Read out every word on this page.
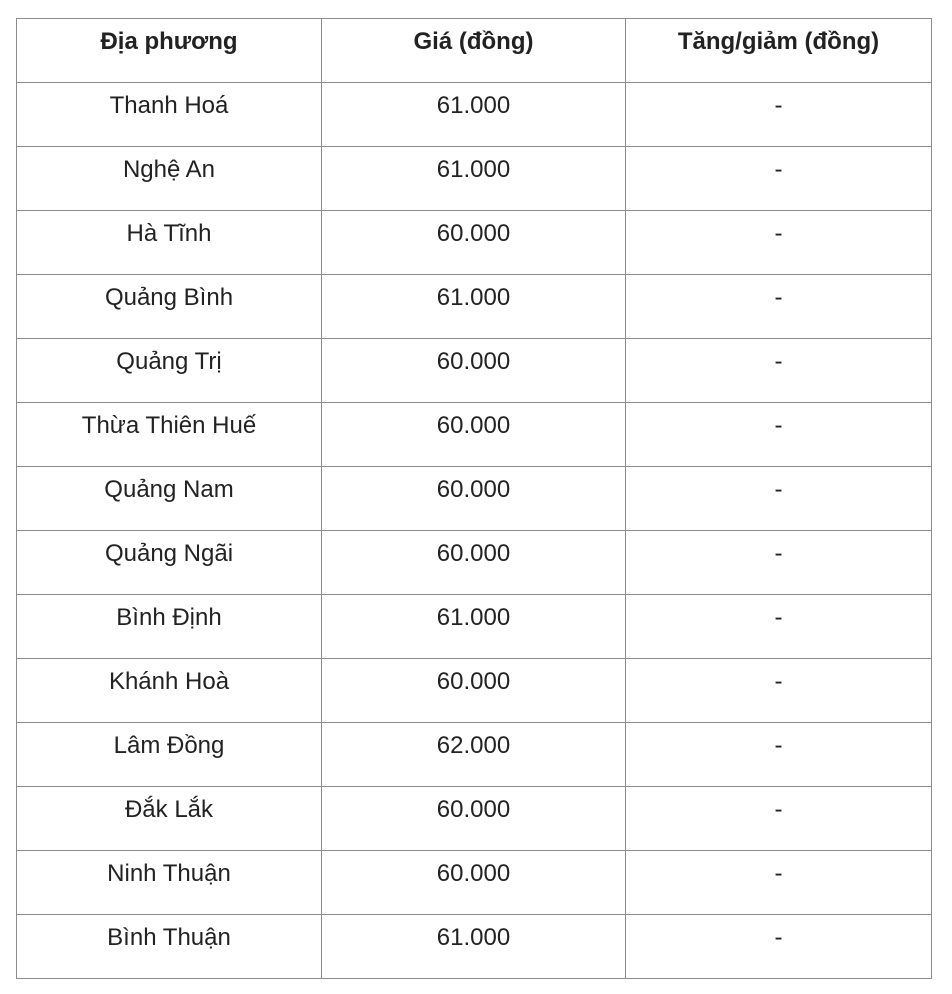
Địa phương	Giá (đồng)	Tăng/giảm (đồng)
Thanh Hoá	61.000	-
Nghệ An	61.000	-
Hà Tĩnh	60.000	-
Quảng Bình	61.000	-
Quảng Trị	60.000	-
Thừa Thiên Huế	60.000	-
Quảng Nam	60.000	-
Quảng Ngãi	60.000	-
Bình Định	61.000	-
Khánh Hoà	60.000	-
Lâm Đồng	62.000	-
Đắk Lắk	60.000	-
Ninh Thuận	60.000	-
Bình Thuận	61.000	-
